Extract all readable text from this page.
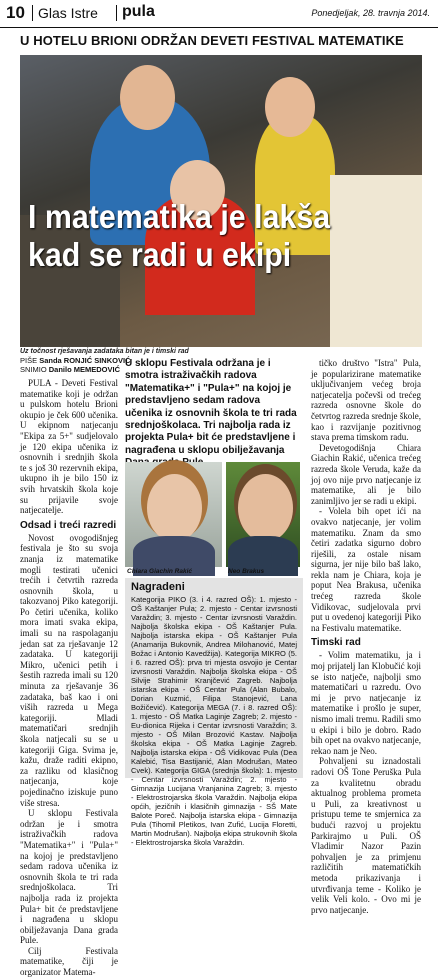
10 Glas Istre pula	Ponedjeljak, 28. travnja 2014.
U HOTELU BRIONI ODRŽAN DEVETI FESTIVAL MATEMATIKE
I matematika je lakša
kad se radi u ekipi
Uz točnost rješavanja zadataka bitan je i timski rad
PIŠE Sanda RONJIĆ SINKOVIĆ
SNIMIO Danilo MEMEDOVIĆ

PULA - Deveti Festival matematike koji je održan u pulskom hotelu Brioni okupio je ček 600 učenika. U ekipnom natjecanju "Ekipa za 5+" sudjelovalo je 120 ekipa učenika iz osnovnih i srednjih škola te s još 30 rezervnih ekipa, ukupno ih je bilo 150 iz svih hrvatskih škola koje su prijavile svoje natjecatelje.

Odsad i treći razredi

Novost ovogodišnjeg festivala je što su svoja znanja iz matematike mogli testirati učenici trećih i četvrtih razreda osnovnih škola, u takozvanoj Piko kategoriji. Po četiri učenika, koliko mora imati svaka ekipa, imali su na raspolaganju jedan sat za rješavanje 12 zadataka. U kategoriji Mikro, učenici petih i šestih razreda imali su 120 minuta za rješavanje 36 zadataka, baš kao i oni viših razreda u Mega kategoriji. Mladi matematičari srednjih škola natjecali su se u kategoriji Giga. Svima je, kažu, draže raditi ekipno, za razliku od klasičnog natjecanja, koje pojedinačno iziskuje puno više stresa.

U sklopu Festivala održan je i smotra istraživačkih radova "Matematika+" i "Pula+" na kojoj je predstavljeno sedam radova učenika iz osnovnih škola te tri rada srednjoškolaca. Tri najbolja rada iz projekta Pula+ bit će predstavljene i nagrađena u sklopu obilježavanja Dana grada Pule.

Cilj Festivala matematike, čiji je organizator Matema-

U sklopu Festivala održana je i smotra istraživačkih radova "Matematika+" i "Pula+" na kojoj je predstavljeno sedam radova učenika iz osnovnih škola te tri rada srednjoškolaca. Tri najbolja rada iz projekta Pula+ bit će predstavljene i nagrađena u sklopu obilježavanja
Chiara Giachin Rakić	Neo Brakus
Nagradeni

Kategorija PIKO (3. i 4. razred OŠ): 1. mjesto - OŠ Kaštanjer Pula; 2. mjesto - Centar izvrsnosti Varaždin; 3. mjesto - Centar izvrsnosti Varaždin. Najbolja školska ekipa - OŠ Kaštanjer Pula. Najbolja istarska ekipa - OŠ Kaštanjer Pula (Anamarija Bukovnik, Andrea Milohanović, Matej Božac i Antonio Kavedžija). Kategorija MIKRO (5. i 6. razred OŠ): prva tri mjesta osvojio je Centar izvrsnosti Varaždin. Najbolja školska ekipa - OŠ Silvije Strahimir Kranjčević Zagreb. Najbolja istarska ekipa - OŠ Centar Pula (Alan Bubalo, Dorian Kuzmić, Filipa Stanojević, Lana Božičević). Kategorija MEGA (7. i 8. razred OŠ): 1. mjesto - OŠ Matka Laginje Zagreb; 2. mjesto - Eu-dionica Rijeka i Centar izvrsnosti Varaždin; 3. mjesto - OŠ Milan Brozović Kastav. Najbolja školska ekipa - OŠ Matka Laginje Zagreb. Najbolja istarska ekipa - OŠ Vidikovac Pula (Dea Kalebić, Tisa Bastijanić, Alan Modrušan, Mateo Cvek). Kategorija GIGA (srednja škola): 1. mjesto - Centar izvrsnosti Varaždin; 2. mjesto - Gimnazija Lucijana Vranjanina Zagreb; 3. mjesto - Elektrostrojarska škola Varaždin. Najbolja ekipa općih, jezičnih i klasičnih gimnazija - SŠ Mate Balote Poreč. Najbolja istarska ekipa - Gimnazija Pula (Tihomil Pletikos, Ivan Zufić, Lucija Floretti, Martin Modrušan). Najbolja ekipa strukovnih škola - Elektrostrojarska škola Varaždin.

tičko društvo "Istra" Pula, je popularizirane matematike uključivanjem većeg broja natjecatelja počevši od trećeg razreda osnovne škole do četvrtog razreda srednje škole, kao i razvijanje pozitivnog stava prema timskom radu.

Devetogodišnja Chiara Giachin Rakić, učenica trećeg razreda škole Veruda, kaže da joj ovo nije prvo natjecanje iz matematike, ali je bilo zanimljivo jer se radi u ekipi.

- Volela bih opet ići na ovakvo natjecanje, jer volim matematiku. Znam da smo četiri zadatka sigurno dobro riješili, za ostale nisam sigurna, jer nije bilo baš lako, rekla nam je Chiara, koja je poput Nea Brakusa, učenika trećeg razreda škole Vidikovac, sudjelovala prvi put u ovedenoj kategoriji Piko na Festivalu matematike.

Timski rad

- Volim matematiku, ja i moj prijatelj Ian Klobučić koji se isto natječe, najbolji smo matematičari u razredu. Ovo mi je prvo natjecanje iz matematike i prošlo je super, nismo imali tremu. Radili smo u ekipi i bilo je dobro. Rado bih opet na ovakvo natjecanje, rekao nam je Neo.

Pohvaljeni su iznadostali radovi OŠ Tone Peruška Pula za kvalitetnu obradu aktualnog problema prometa u Puli, za kreativnost u pristupu teme te smjernica za budući razvoj u projektu Parkirajmo u Puli. OŠ Vladimir Nazor Pazin pohvaljen je za primjenu različitih matematičkih metoda prikazivanja i utvrđivanja teme - Koliko je velik Veli kolo. - Ovo mi je prvo natjecanje.
